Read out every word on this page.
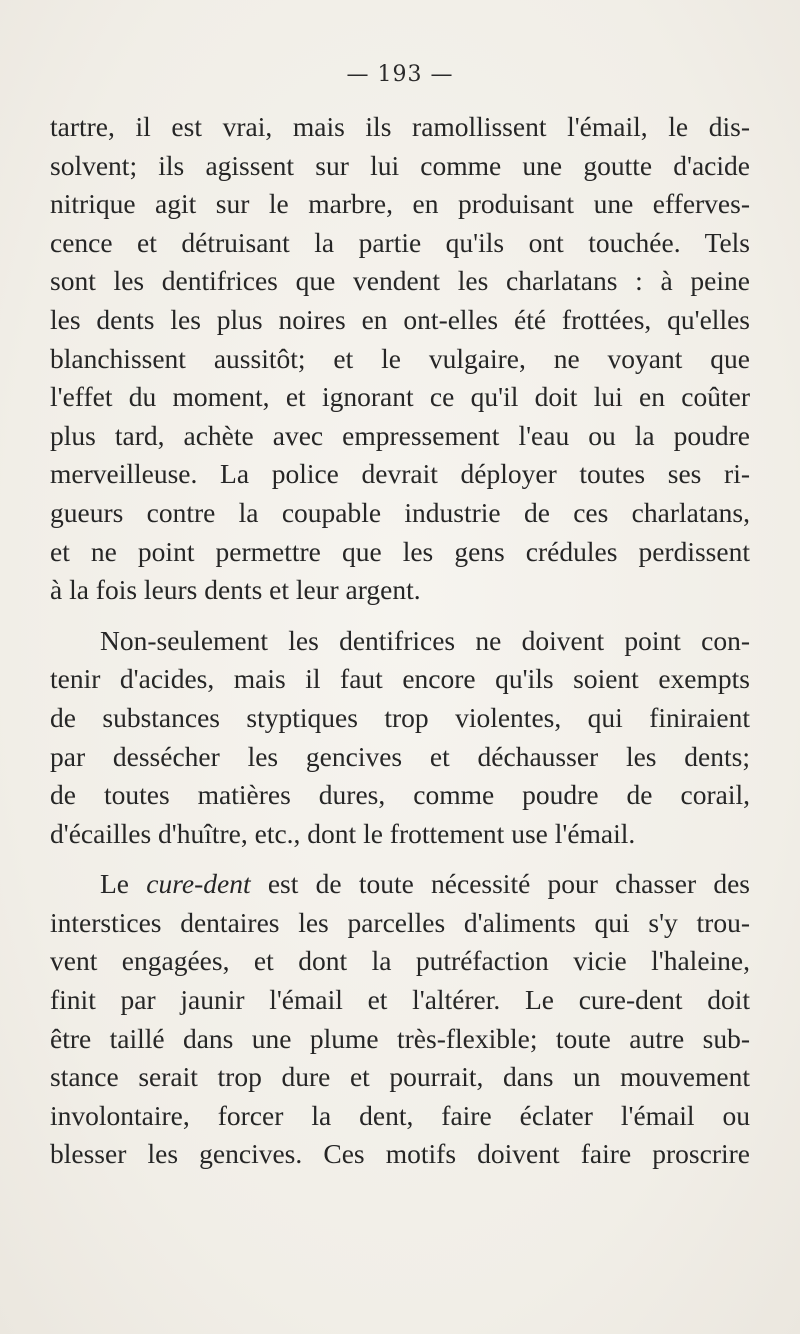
— 193 —

tartre, il est vrai, mais ils ramollissent l'émail, le dis-
solvent; ils agissent sur lui comme une goutte d'acide
nitrique agit sur le marbre, en produisant une efferves-
cence et détruisant la partie qu'ils ont touchée. Tels
sont les dentifrices que vendent les charlatans : à peine
les dents les plus noires en ont-elles été frottées, qu'elles
blanchissent aussitôt; et le vulgaire, ne voyant que
l'effet du moment, et ignorant ce qu'il doit lui en coûter
plus tard, achète avec empressement l'eau ou la poudre
merveilleuse. La police devrait déployer toutes ses ri-
gueurs contre la coupable industrie de ces charlatans,
et ne point permettre que les gens crédules perdissent
à la fois leurs dents et leur argent.

Non-seulement les dentifrices ne doivent point con-
tenir d'acides, mais il faut encore qu'ils soient exempts
de substances styptiques trop violentes, qui finiraient
par dessécher les gencives et déchausser les dents;
de toutes matières dures, comme poudre de corail,
d'écailles d'huître, etc., dont le frottement use l'émail.

Le cure-dent est de toute nécessité pour chasser des
interstices dentaires les parcelles d'aliments qui s'y trou-
vent engagées, et dont la putréfaction vicie l'haleine,
finit par jaunir l'émail et l'altérer. Le cure-dent doit
être taillé dans une plume très-flexible; toute autre sub-
stance serait trop dure et pourrait, dans un mouvement
involontaire, forcer la dent, faire éclater l'émail ou
blesser les gencives. Ces motifs doivent faire proscrire
